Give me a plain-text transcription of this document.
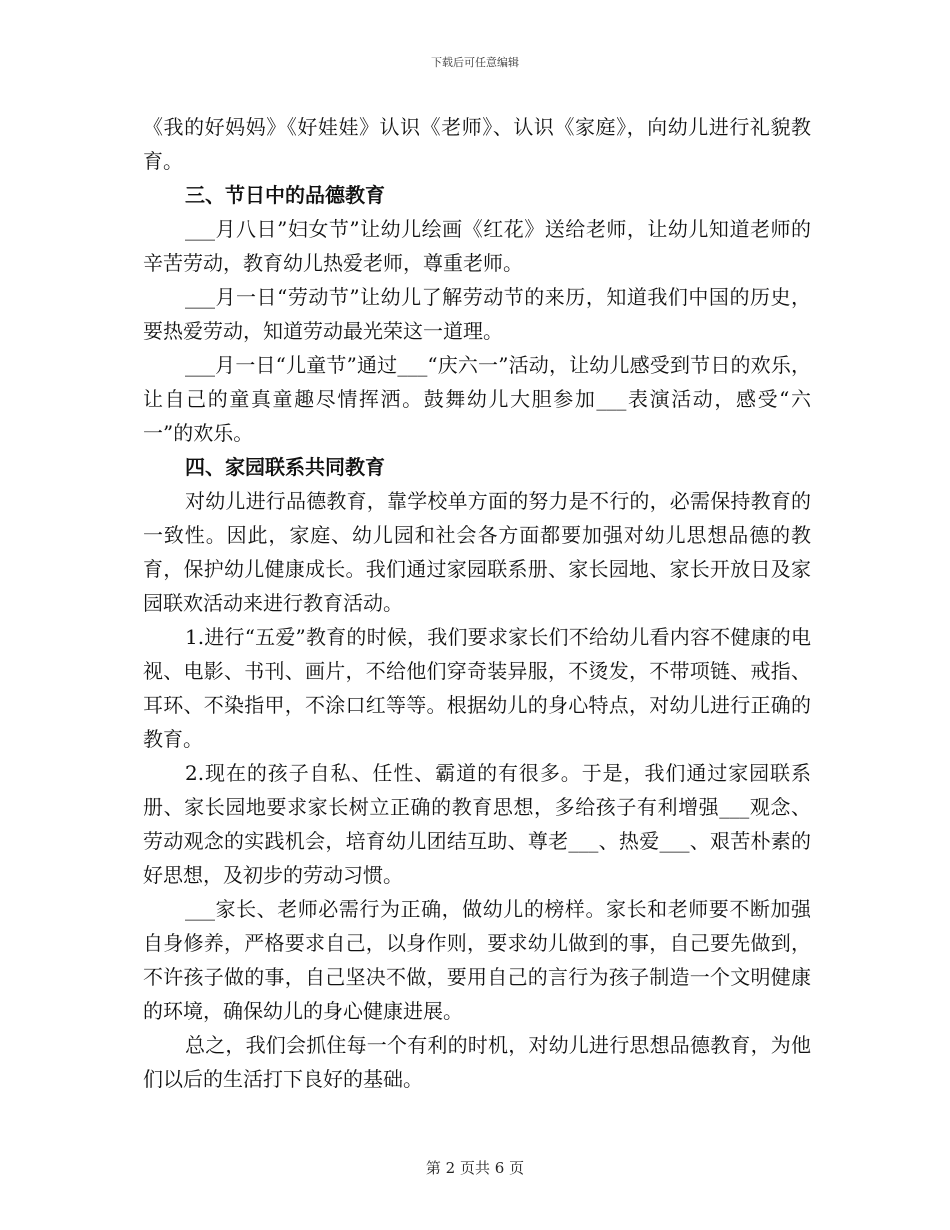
下载后可任意编辑

《我的好妈妈》《好娃娃》认识《老师》、认识《家庭》，向幼儿进行礼貌教育。

三、节日中的品德教育

___月八日”妇女节”让幼儿绘画《红花》送给老师，让幼儿知道老师的辛苦劳动，教育幼儿热爱老师，尊重老师。

___月一日“劳动节”让幼儿了解劳动节的来历，知道我们中国的历史，要热爱劳动，知道劳动最光荣这一道理。

___月一日“儿童节”通过___“庆六一”活动，让幼儿感受到节日的欢乐，让自己的童真童趣尽情挥洒。鼓舞幼儿大胆参加___表演活动，感受“六一”的欢乐。

四、家园联系共同教育

对幼儿进行品德教育，靠学校单方面的努力是不行的，必需保持教育的一致性。因此，家庭、幼儿园和社会各方面都要加强对幼儿思想品德的教育，保护幼儿健康成长。我们通过家园联系册、家长园地、家长开放日及家园联欢活动来进行教育活动。

1.进行“五爱”教育的时候，我们要求家长们不给幼儿看内容不健康的电视、电影、书刊、画片，不给他们穿奇装异服，不烫发，不带项链、戒指、耳环、不染指甲，不涂口红等等。根据幼儿的身心特点，对幼儿进行正确的教育。

2.现在的孩子自私、任性、霸道的有很多。于是，我们通过家园联系册、家长园地要求家长树立正确的教育思想，多给孩子有利增强___观念、劳动观念的实践机会，培育幼儿团结互助、尊老___、热爱___、艰苦朴素的好思想，及初步的劳动习惯。

___家长、老师必需行为正确，做幼儿的榜样。家长和老师要不断加强自身修养，严格要求自己，以身作则，要求幼儿做到的事，自己要先做到，不许孩子做的事，自己坚决不做，要用自己的言行为孩子制造一个文明健康的环境，确保幼儿的身心健康进展。

总之，我们会抓住每一个有利的时机，对幼儿进行思想品德教育，为他们以后的生活打下良好的基础。

第 2 页共 6 页
